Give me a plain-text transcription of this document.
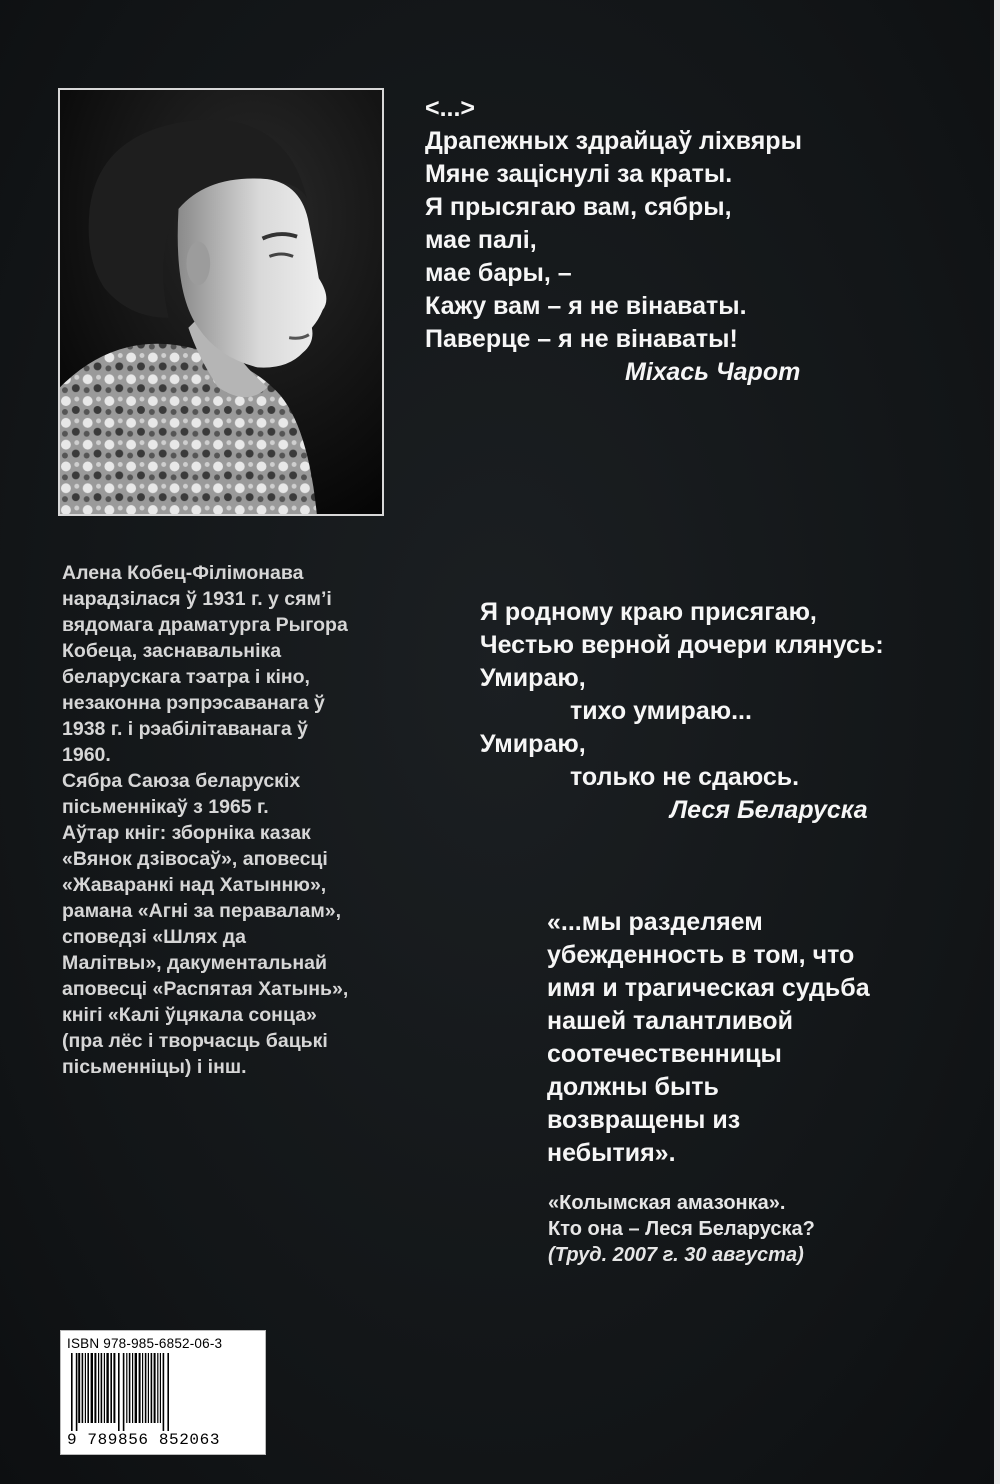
<...>
Драпежных здрайцаў ліхвяры
Мяне зацiснулі за краты.
Я прысягаю вам, сябры,
мае палі,
мае бары, –
Кажу вам – я не вінаваты.
Паверце – я не вінаваты!
Міхась Чарот

Алена Кобец-Філімонава
нарадзілася ў 1931 г. у сям’і
вядомага драматурга Рыгора
Кобеца, заснавальніка
беларускага тэатра і кіно,
незаконна рэпрэсаванага ў
1938 г. і рэабілітаванага ў
1960.

Сябра Саюза беларускіх
пісьменнікаў з 1965 г.
Аўтар кніг: зборніка казак
«Вянок дзівосаў», аповесці
«Жаваранкі над Хатынню»,
рамана «Агні за перавалам»,
споведзі «Шлях да
Малітвы», дакументальнай
аповесці «Распятая Хатынь»,
кнігі «Калі ўцякала сонца»
(пра лёс і творчасць бацькі
пісьменніцы) і інш.

Я родному краю присягаю,
Честью верной дочери клянусь:
Умираю,
тихо умираю...
Умираю,
только не сдаюсь.
Леся Беларуска
«...мы разделяем
убежденность в том, что
имя и трагическая судьба
нашей талантливой
соотечественницы
должны быть
возвращены из
небытия».
«Колымская амазонка».
Кто она – Леся Беларуска?
(Труд. 2007 г. 30 августа)
ISBN 978-985-6852-06-3
9 789856 852063
